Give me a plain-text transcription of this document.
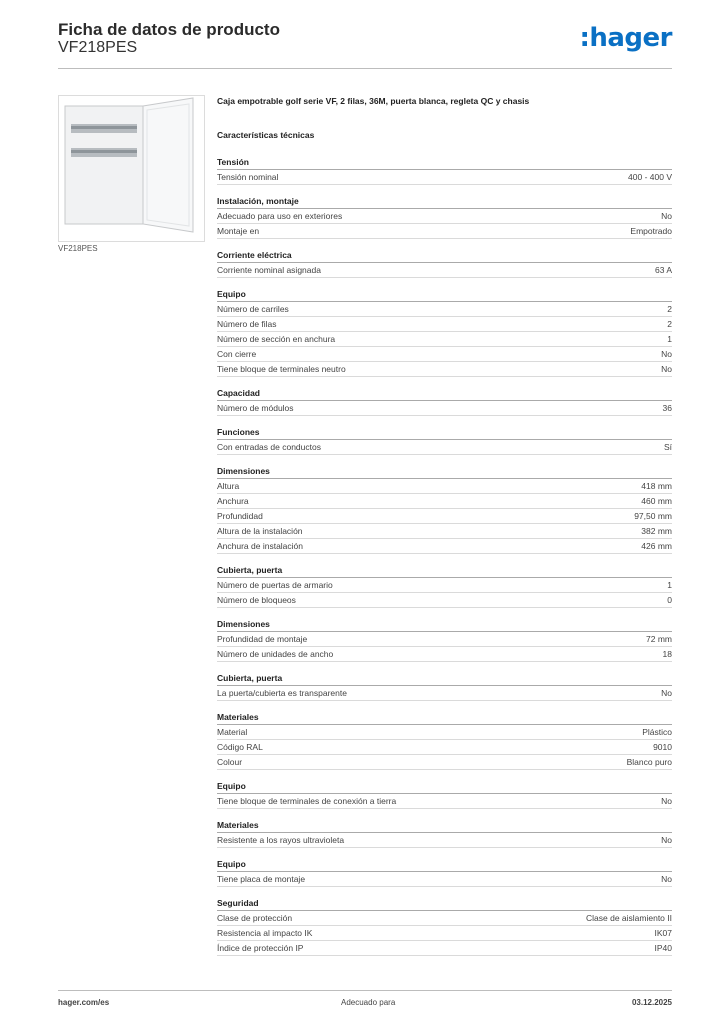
Ficha de datos de producto
VF218PES	:hager
VF218PES
Caja empotrable golf serie VF, 2 filas, 36M, puerta blanca, regleta QC y chasis
Características técnicas
Tensión
Tensión nominal	400 - 400 V
Instalación, montaje
Adecuado para uso en exteriores	No
Montaje en	Empotrado
Corriente eléctrica
Corriente nominal asignada	63 A
Equipo
Número de carriles	2
Número de filas	2
Número de sección en anchura	1
Con cierre	No
Tiene bloque de terminales neutro	No
Capacidad
Número de módulos	36
Funciones
Con entradas de conductos	Sí
Dimensiones
Altura	418 mm
Anchura	460 mm
Profundidad	97,50 mm
Altura de la instalación	382 mm
Anchura de instalación	426 mm
Cubierta, puerta
Número de puertas de armario	1
Número de bloqueos	0
Dimensiones
Profundidad de montaje	72 mm
Número de unidades de ancho	18
Cubierta, puerta
La puerta/cubierta es transparente	No
Materiales
Material	Plástico
Código RAL	9010
Colour	Blanco puro
Equipo
Tiene bloque de terminales de conexión a tierra	No
Materiales
Resistente a los rayos ultravioleta	No
Equipo
Tiene placa de montaje	No
Seguridad
Clase de protección	Clase de aislamiento II
Resistencia al impacto IK	IK07
Índice de protección IP	IP40
hager.com/es	Adecuado para	03.12.2025
